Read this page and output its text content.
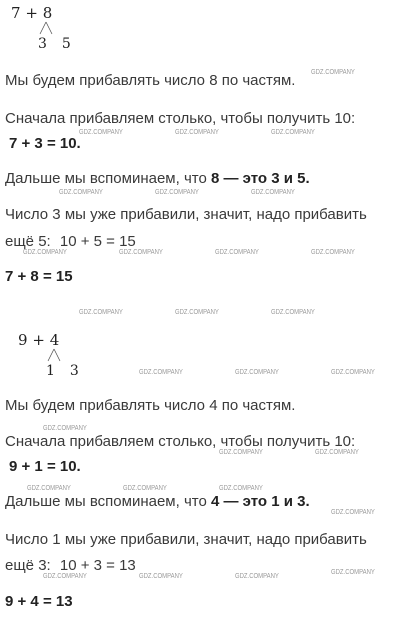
7 + 8
3 5
Мы будем прибавлять число 8 по частям.
Сначала прибавляем столько, чтобы получить 10:
7 + 3 = 10.
Дальше мы вспоминаем, что 8 — это 3 и 5.
Число 3 мы уже прибавили, значит, надо прибавить
ещё 5: 10 + 5 = 15
7 + 8 = 15
9 + 4
1 3
Мы будем прибавлять число 4 по частям.
Сначала прибавляем столько, чтобы получить 10:
9 + 1 = 10.
Дальше мы вспоминаем, что 4 — это 1 и 3.
Число 1 мы уже прибавили, значит, надо прибавить
ещё 3: 10 + 3 = 13
9 + 4 = 13
GDZ.COMPANY
GDZ.COMPANY	GDZ.COMPANY	GDZ.COMPANY
GDZ.COMPANY	GDZ.COMPANY	GDZ.COMPANY
GDZ.COMPANY	GDZ.COMPANY	GDZ.COMPANY	GDZ.COMPANY
GDZ.COMPANY	GDZ.COMPANY	GDZ.COMPANY
GDZ.COMPANY	GDZ.COMPANY	GDZ.COMPANY
GDZ.COMPANY
GDZ.COMPANY	GDZ.COMPANY
GDZ.COMPANY	GDZ.COMPANY	GDZ.COMPANY
GDZ.COMPANY
GDZ.COMPANY	GDZ.COMPANY	GDZ.COMPANY
GDZ.COMPANY
